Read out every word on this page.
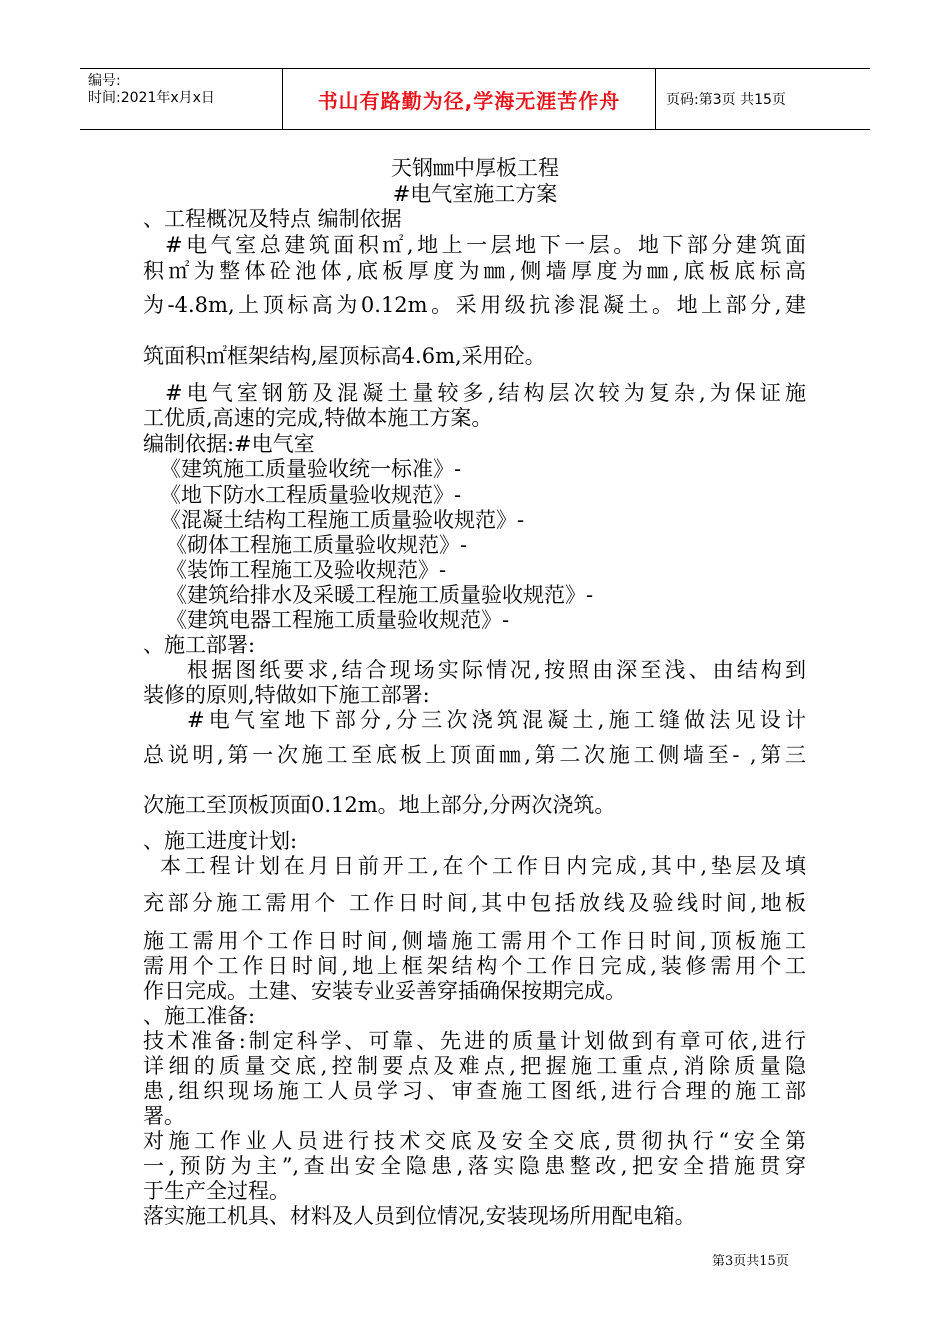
编号:
时间:2021年x月x日	书山有路勤为径,学海无涯苦作舟	页码:第3页 共15页
天钢㎜中厚板工程
#电气室施工方案
、工程概况及特点 编制依据
#电气室总建筑面积㎡,地上一层地下一层。地下部分建筑面
积㎡为整体砼池体,底板厚度为㎜,侧墙厚度为㎜,底板底标高
为-4.8m,上顶标高为0.12m。采用级抗渗混凝土。地上部分,建
筑面积㎡框架结构,屋顶标高4.6m,采用砼。
#电气室钢筋及混凝土量较多,结构层次较为复杂,为保证施
工优质,高速的完成,特做本施工方案。
编制依据:#电气室
《建筑施工质量验收统一标准》-
《地下防水工程质量验收规范》-
《混凝土结构工程施工质量验收规范》-
《砌体工程施工质量验收规范》-
《装饰工程施工及验收规范》-
《建筑给排水及采暖工程施工质量验收规范》-
《建筑电器工程施工质量验收规范》-
、施工部署:
根据图纸要求,结合现场实际情况,按照由深至浅、由结构到
装修的原则,特做如下施工部署:
#电气室地下部分,分三次浇筑混凝土,施工缝做法见设计
总说明,第一次施工至底板上顶面㎜,第二次施工侧墙至- ,第三
次施工至顶板顶面0.12m。地上部分,分两次浇筑。
、施工进度计划:
本工程计划在月日前开工,在个工作日内完成,其中,垫层及填
充部分施工需用个 工作日时间,其中包括放线及验线时间,地板
施工需用个工作日时间,侧墙施工需用个工作日时间,顶板施工
需用个工作日时间,地上框架结构个工作日完成,装修需用个工
作日完成。土建、安装专业妥善穿插确保按期完成。
、施工准备:
技术准备:制定科学、可靠、先进的质量计划做到有章可依,进行
详细的质量交底,控制要点及难点,把握施工重点,消除质量隐
患,组织现场施工人员学习、审查施工图纸,进行合理的施工部
署。
对施工作业人员进行技术交底及安全交底,贯彻执行“安全第
一,预防为主”,查出安全隐患,落实隐患整改,把安全措施贯穿
于生产全过程。
落实施工机具、材料及人员到位情况,安装现场所用配电箱。
第3页共15页
